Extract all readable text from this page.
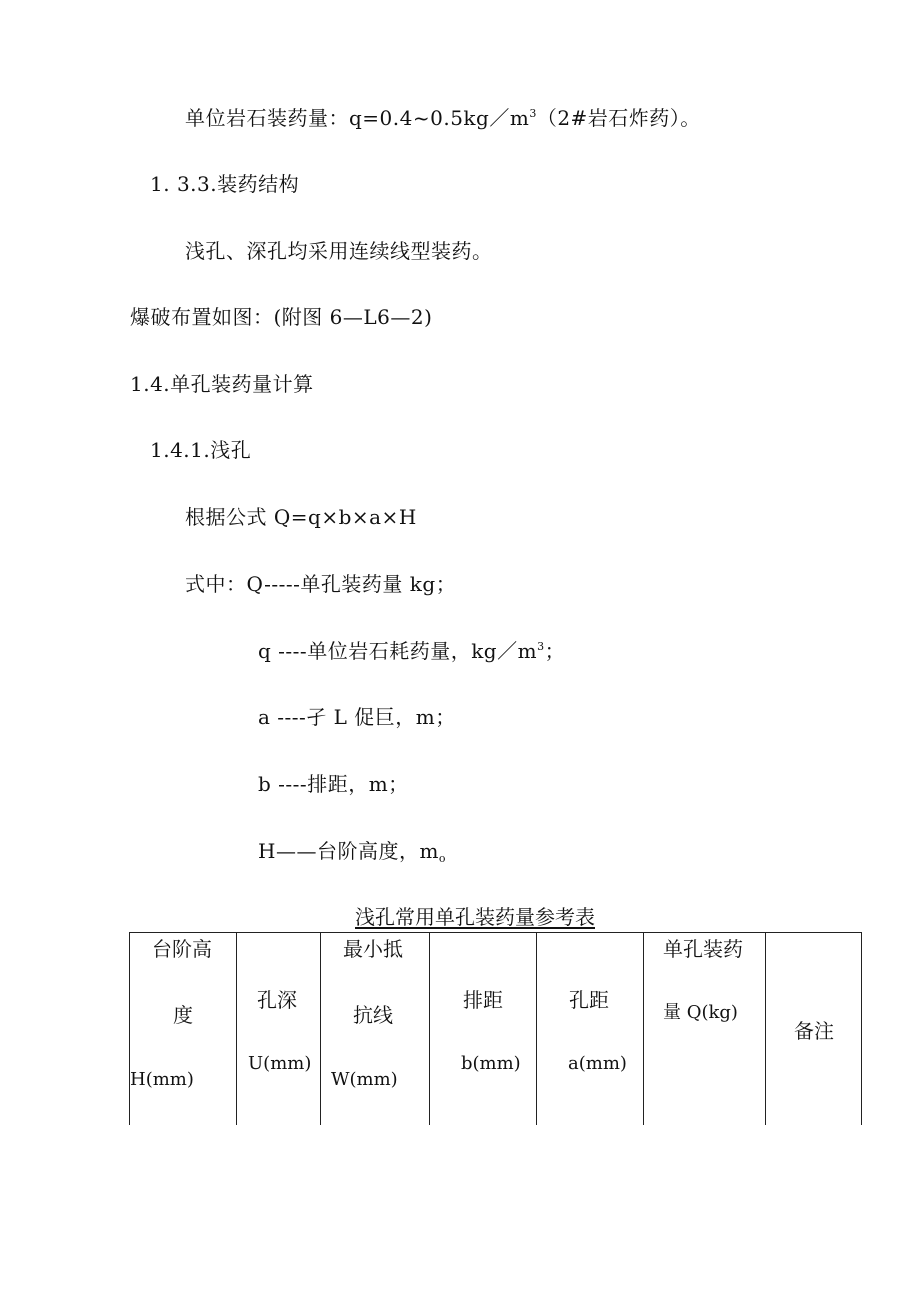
单位岩石装药量：$q=0.4\sim 0.5kg/m^3(2\#$岩石炸药）。
1. 3.3.装药结构
浅孔、深孔均采用连续线型装药。
爆破布置如图：(附图 6—L6—2)
1.4.单孔装药量计算
1.4.1.浅孔
根据公式 Q=q×b×a×H
式中：Q-----单孔装药量 kg；
q ----单位岩石耗药量，$kg/m^3$；
a ----孑 L 促巨，m；
b ----排距，m；
H——台阶高度，$m_o$
浅孔常用单孔装药量参考表
台阶高
度
H(mm)
孔深
U(mm)
最小抵
抗线
W(mm)
排距
b(mm)
孔距
a(mm)
单孔装药
量 Q(kg)
备注
